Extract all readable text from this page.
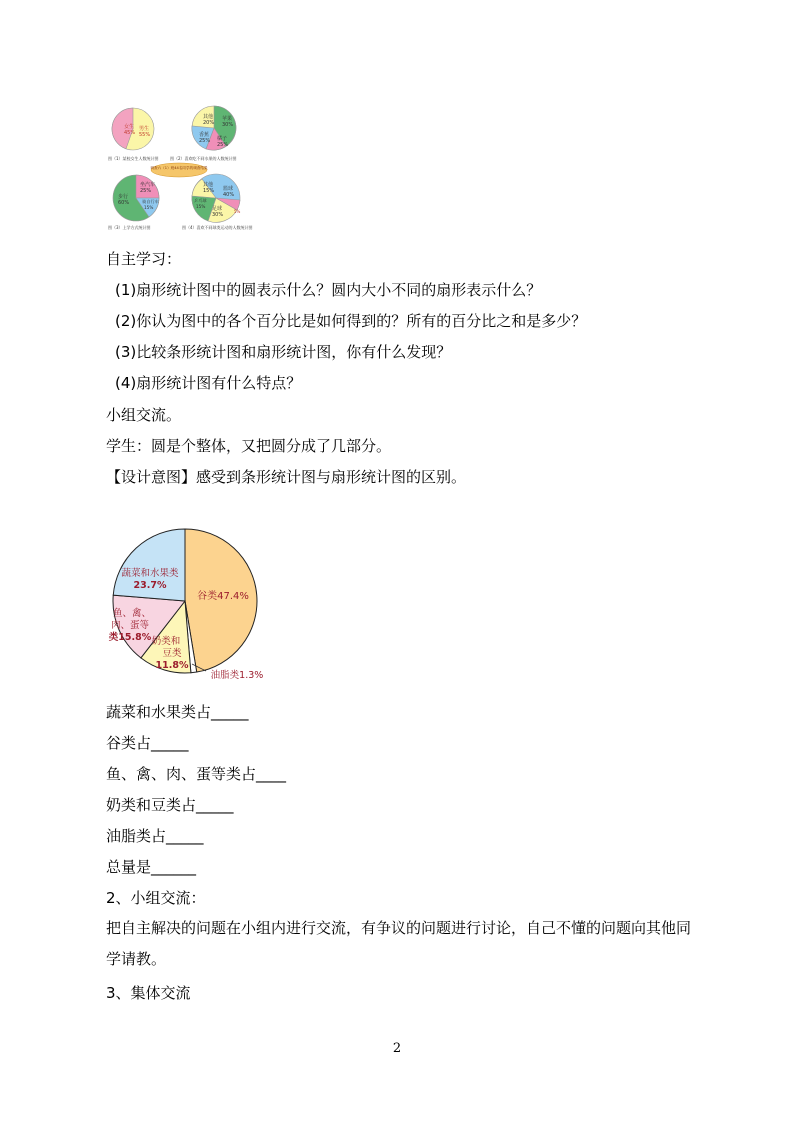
女生
45%
男生
55%
图（1）某校女生人数统计图
其他
20%
苹果
30%
香蕉
25% 橘子
25%
图（2）喜欢吃不同水果的人数统计图
调查六（1）班44名同学的调查结果
坐汽车
25%
步行
60%	骑自行车
15%
图（3）上学方式统计图
其他
15% 篮球
40%
乒乓球
15% 足球
30%
5%
图（4）喜欢不同球类运动的人数统计图
自主学习：
(1)扇形统计图中的圆表示什么？圆内大小不同的扇形表示什么？
(2)你认为图中的各个百分比是如何得到的？所有的百分比之和是多少？
(3)比较条形统计图和扇形统计图，你有什么发现？
(4)扇形统计图有什么特点？
小组交流。
学生：圆是个整体，又把圆分成了几部分。
【设计意图】感受到条形统计图与扇形统计图的区别。
蔬菜和水果类
23.7%
谷类47.4%
鱼、禽、
肉、蛋等
类15.8% 奶类和
豆类
11.8%
油脂类1.3%
蔬菜和水果类占_____
谷类占_____
鱼、禽、肉、蛋等类占____
奶类和豆类占_____
油脂类占_____
总量是______
2、小组交流：
把自主解决的问题在小组内进行交流，有争议的问题进行讨论，自己不懂的问题向其他同学请教。
3、集体交流
2
